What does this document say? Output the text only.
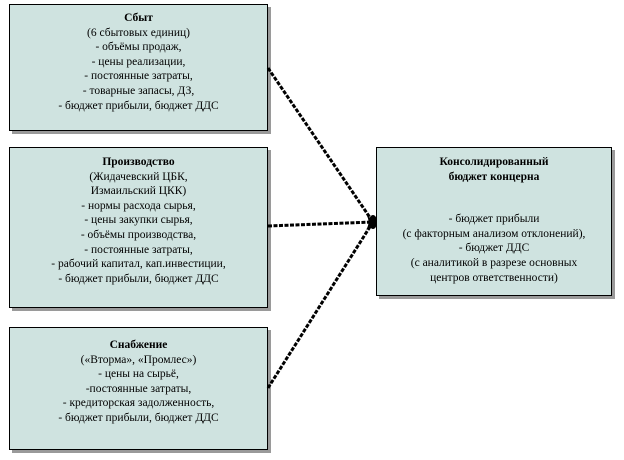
Сбыт
(6 сбытовых единиц)
- объёмы продаж,
- цены реализации,
- постоянные затраты,
- товарные запасы, ДЗ,
- бюджет прибыли, бюджет ДДС
Производство
(Жидачевский ЦБК,
Измаильский ЦКК)
- нормы расхода сырья,
- цены закупки сырья,
- объёмы производства,
- постоянные затраты,
- рабочий капитал, кап.инвестиции,
- бюджет прибыли, бюджет ДДС
Снабжение
(«Вторма», «Промлес»)
- цены на сырьё,
-постоянные затраты,
- кредиторская задолженность,
- бюджет прибыли, бюджет ДДС
Консолидированный
бюджет концерна
- бюджет прибыли
(с факторным анализом отклонений),
- бюджет ДДС
(с аналитикой в разрезе основных
центров ответственности)
